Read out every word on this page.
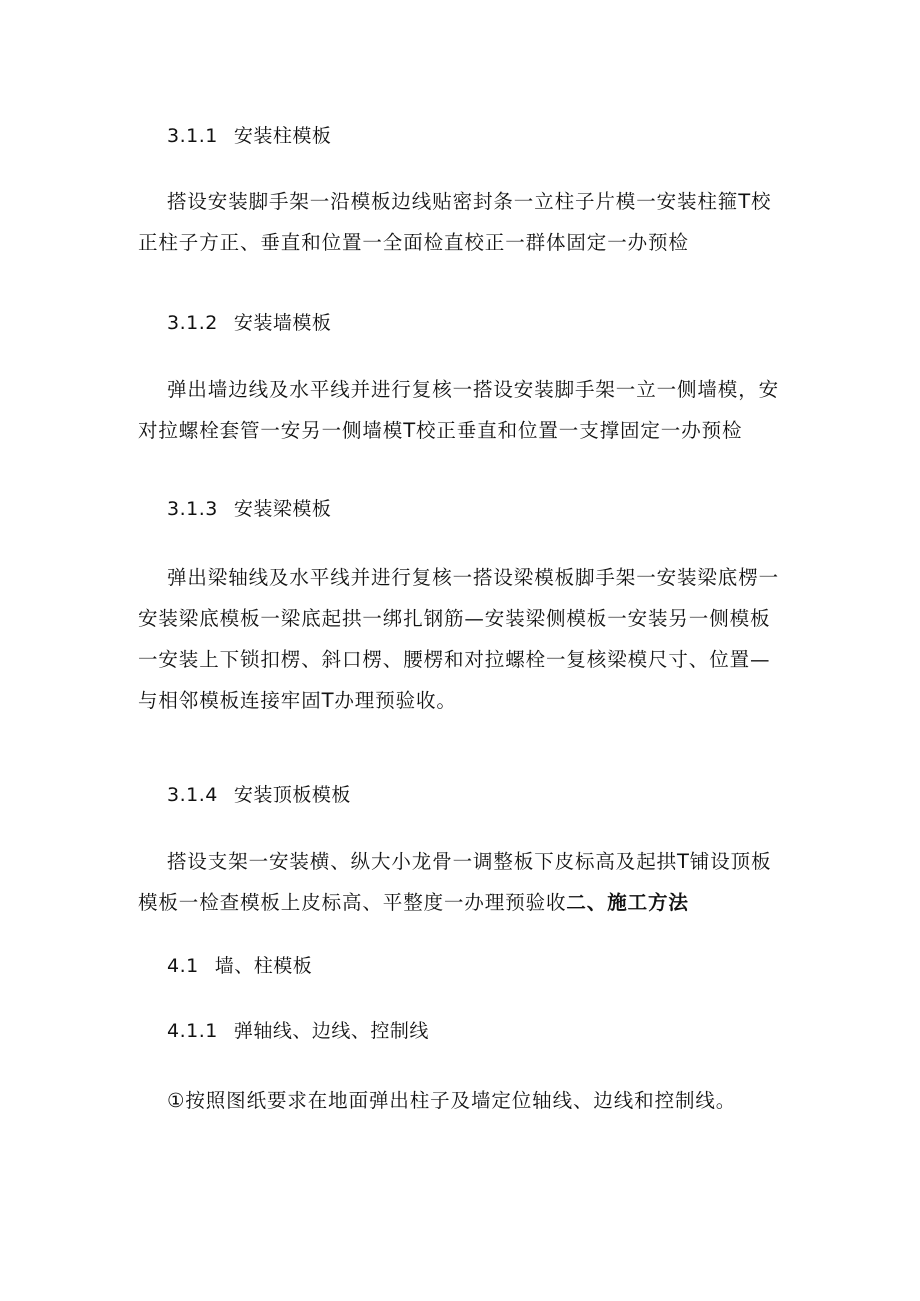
3.1.1 安装柱模板

搭设安装脚手架一沿模板边线贴密封条一立柱子片模一安装柱箍T校正柱子方正、垂直和位置一全面检直校正一群体固定一办预检

3.1.2 安装墙模板

弹出墙边线及水平线并进行复核一搭设安装脚手架一立一侧墙模，安对拉螺栓套管一安另一侧墙模T校正垂直和位置一支撑固定一办预检

3.1.3 安装梁模板

弹出梁轴线及水平线并进行复核一搭设梁模板脚手架一安装梁底楞一安装梁底模板一梁底起拱一绑扎钢筋—安装梁侧模板一安装另一侧模板一安装上下锁扣楞、斜口楞、腰楞和对拉螺栓一复核梁模尺寸、位置—与相邻模板连接牢固T办理预验收。

3.1.4 安装顶板模板

搭设支架一安装横、纵大小龙骨一调整板下皮标高及起拱T铺设顶板模板一检查模板上皮标高、平整度一办理预验收二、施工方法

4.1 墙、柱模板
4.1.1 弹轴线、边线、控制线

①按照图纸要求在地面弹出柱子及墙定位轴线、边线和控制线。
